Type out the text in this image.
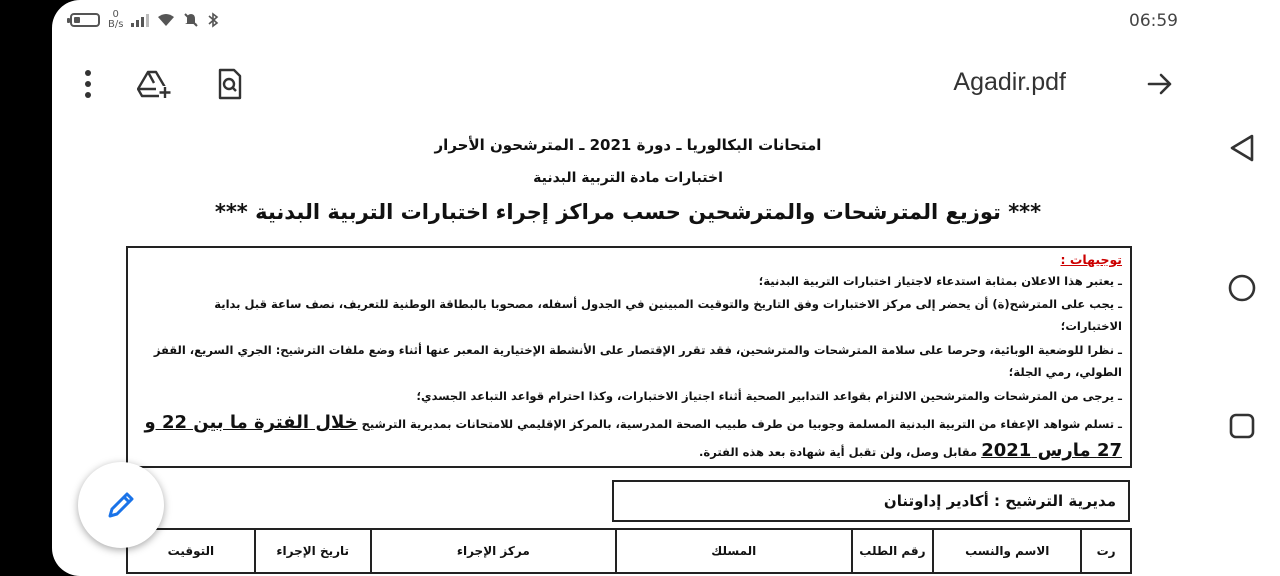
0
B/s	06:59
Agadir.pdf
امتحانات البكالوريا ـ دورة 2021 ـ المترشحون الأحرار
اختبارات مادة التربية البدنية
*** توزيع المترشحات والمترشحين حسب مراكز إجراء اختبارات التربية البدنية ***
توجيهات :
ـ يعتبر هذا الاعلان بمثابة استدعاء لاجتياز اختبارات التربية البدنية؛
ـ يجب على المترشح(ة) أن يحضر إلى مركز الاختبارات وفق التاريخ والتوقيت المبينين في الجدول أسفله، مصحوبا بالبطاقة الوطنية للتعريف، نصف ساعة قبل بداية
الاختبارات؛
ـ نظرا للوضعية الوبائية، وحرصا على سلامة المترشحات والمترشحين، فقد تقرر الإقتصار على الأنشطة الإختيارية المعبر عنها أثناء وضع ملفات الترشيح: الجري السريع، القفز
الطولي، رمي الجلة؛
ـ يرجى من المترشحات والمترشحين الالتزام بقواعد التدابير الصحية أثناء اجتياز الاختبارات، وكذا احترام قواعد التباعد الجسدي؛
ـ تسلم شواهد الإعفاء من التربية البدنية المسلمة وجوبيا من طرف طبيب الصحة المدرسية، بالمركز الإقليمي للامتحانات بمديرية الترشيح خلال الفترة ما بين 22 و
27 مارس 2021 مقابل وصل، ولن تقبل أية شهادة بعد هذه الفترة.
مديرية الترشيح : أكادير إداوتنان
رت	الاسم والنسب	رقم الطلب	المسلك	مركز الإجراء	تاريخ الإجراء	التوقيت
